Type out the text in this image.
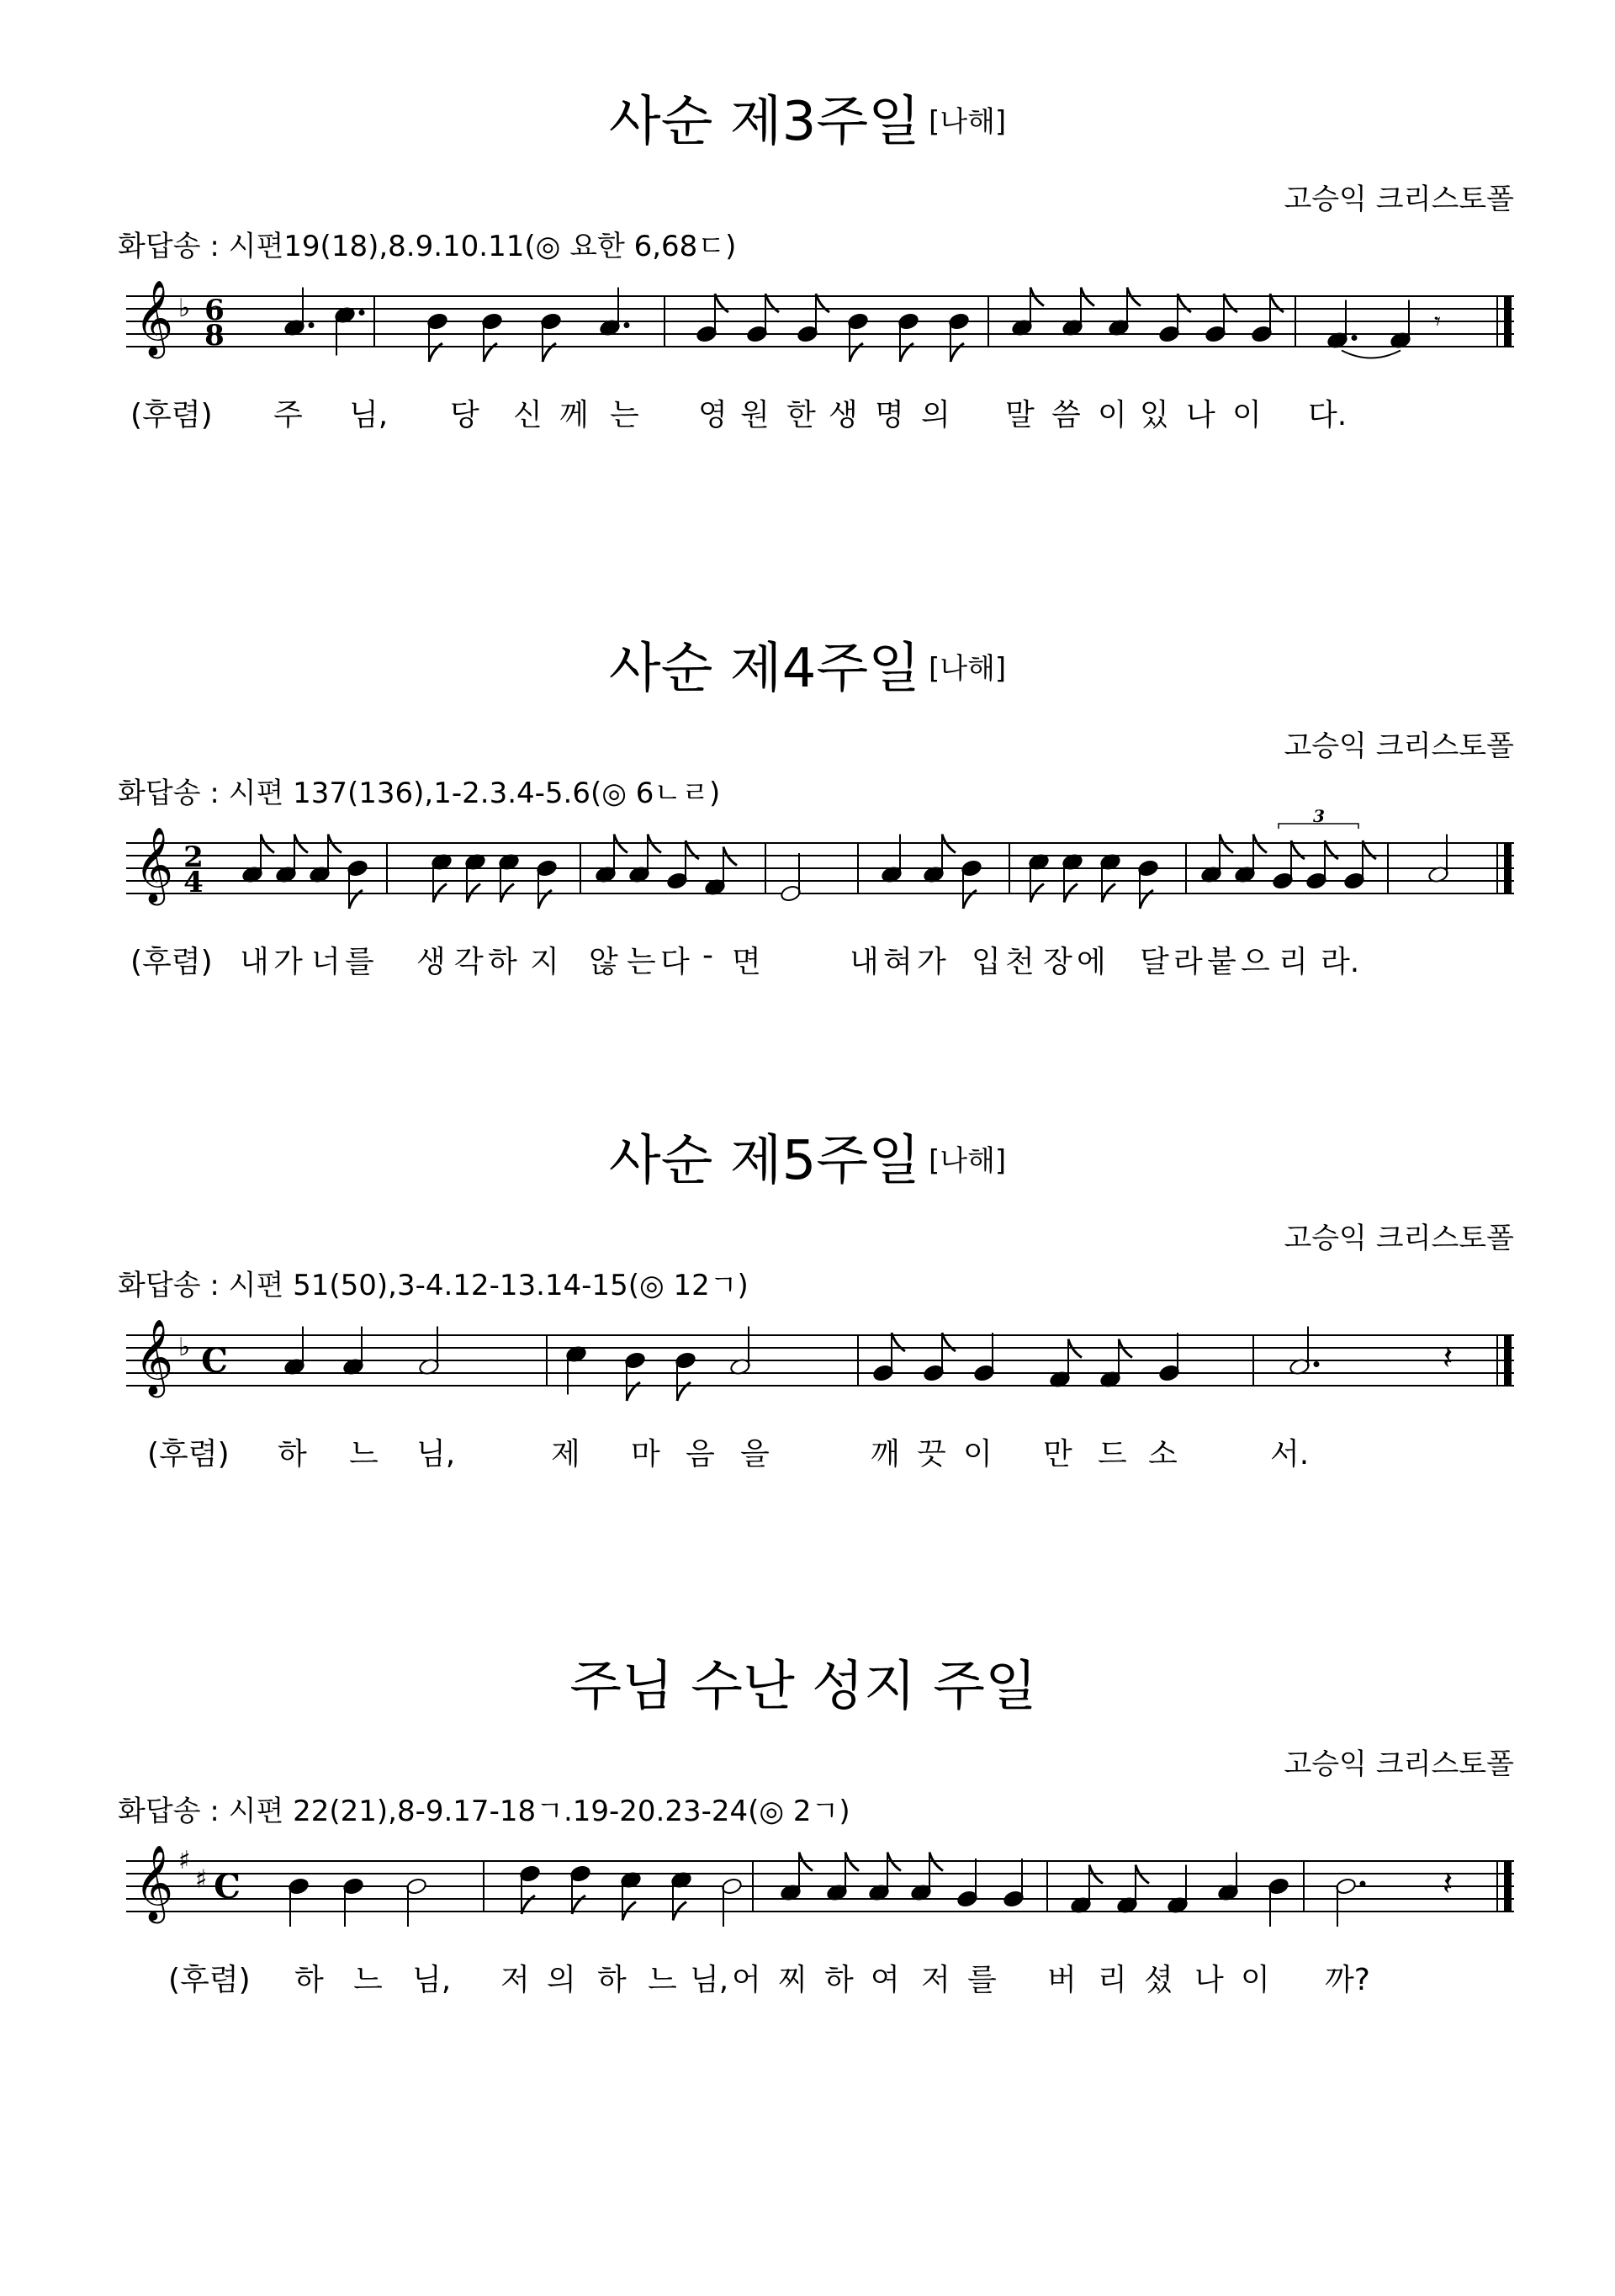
사순 제3주일 [나해]
고승익 크리스토폴
화답송 : 시편19(18),8.9.10.11(◎ 요한 6,68ㄷ)
𝄞 ♭ 6
8	𝄾
(후렴) 주 님, 당 신 께 는 영 원 한 생 명 의 말 씀 이 있 나 이 다.
사순 제4주일 [나해]
고승익 크리스토폴
화답송 : 시편 137(136),1-2.3.4-5.6(◎ 6ㄴㄹ)
𝄞 2
4
3
(후렴) 내 가 너 를 생 각 하 지 않 는 다 - 면	내 혀 가 입 천 장 에 달 라 붙 으 리 라.
사순 제5주일 [나해]
고승익 크리스토폴
화답송 : 시편 51(50),3-4.12-13.14-15(◎ 12ㄱ)
𝄞 ♭ C	𝄽
(후렴) 하 느 님,	제 마 음 을	깨 끗 이 만 드 소	서.
주님 수난 성지 주일
고승익 크리스토폴
화답송 : 시편 22(21),8-9.17-18ㄱ.19-20.23-24(◎ 2ㄱ)
𝄞 ♯
♯ C	𝄽
(후렴) 하 느 님, 저 의 하 느 님, 어 찌 하 여 저 를 버 리 셨 나 이 까?
